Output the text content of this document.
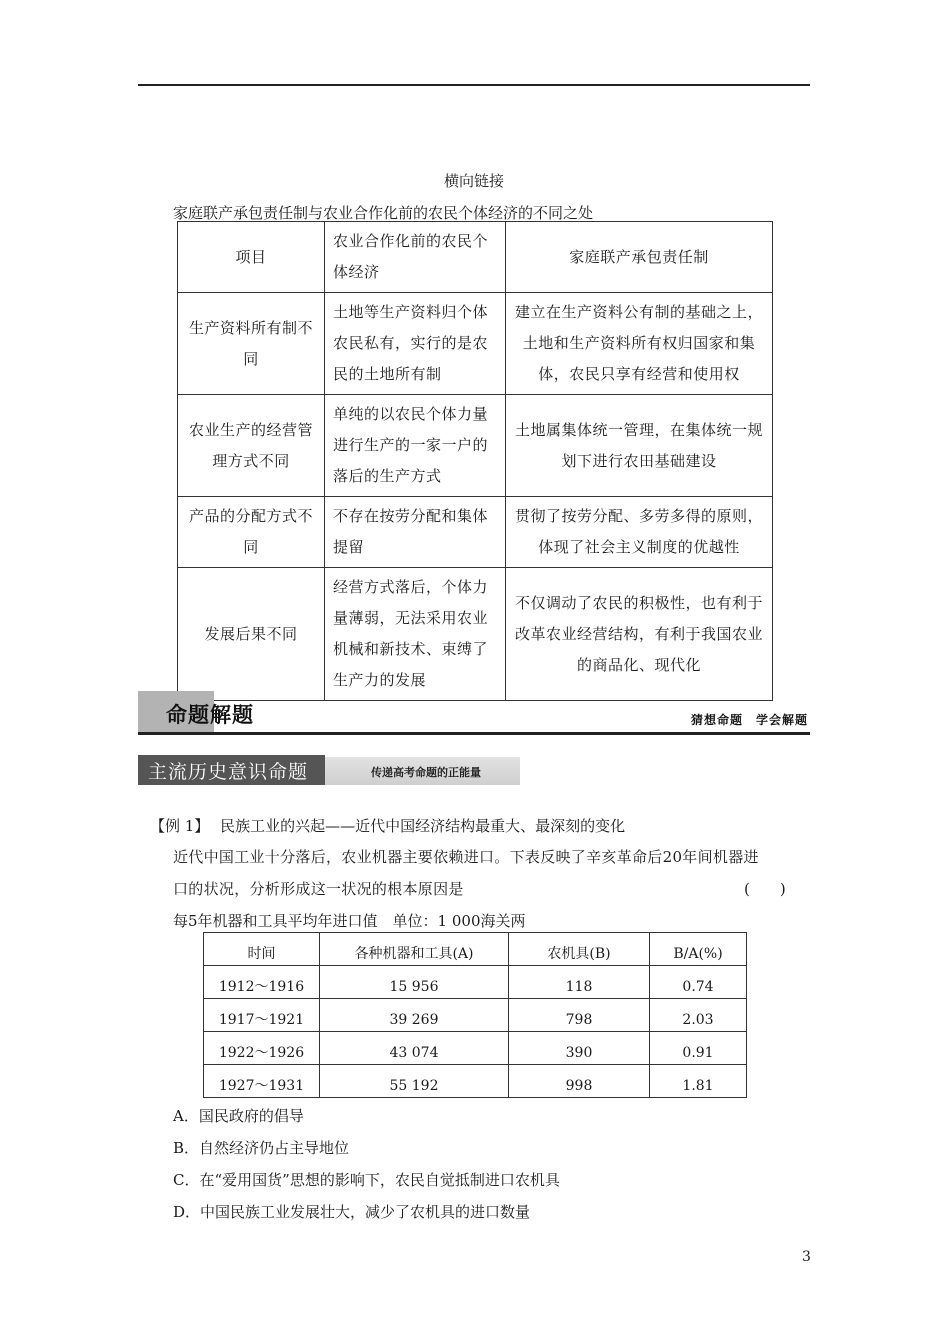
横向链接
家庭联产承包责任制与农业合作化前的农民个体经济的不同之处
项目	农业合作化前的农民个体经济	家庭联产承包责任制
生产资料所有制不同	土地等生产资料归个体农民私有，实行的是农民的土地所有制	建立在生产资料公有制的基础之上，土地和生产资料所有权归国家和集体，农民只享有经营和使用权
农业生产的经营管理方式不同	单纯的以农民个体力量进行生产的一家一户的落后的生产方式	土地属集体统一管理，在集体统一规划下进行农田基础建设
产品的分配方式不同	不存在按劳分配和集体提留	贯彻了按劳分配、多劳多得的原则，体现了社会主义制度的优越性
发展后果不同	经营方式落后，个体力量薄弱，无法采用农业机械和新技术、束缚了生产力的发展	不仅调动了农民的积极性，也有利于改革农业经营结构，有利于我国农业的商品化、现代化
命题解题	猜想命题　学会解题
主流历史意识命题	传递高考命题的正能量
【例 1】 民族工业的兴起——近代中国经济结构最重大、最深刻的变化
近代中国工业十分落后，农业机器主要依赖进口。下表反映了辛亥革命后20年间机器进
口的状况，分析形成这一状况的根本原因是	(　　)
每5年机器和工具平均年进口值　单位：1 000海关两
时间	各种机器和工具(A)	农机具(B)	B/A(%)
1912～1916	15 956	118	0.74
1917～1921	39 269	798	2.03
1922～1926	43 074	390	0.91
1927～1931	55 192	998	1.81
A．国民政府的倡导
B．自然经济仍占主导地位
C．在“爱用国货”思想的影响下，农民自觉抵制进口农机具
D．中国民族工业发展壮大，减少了农机具的进口数量
3
